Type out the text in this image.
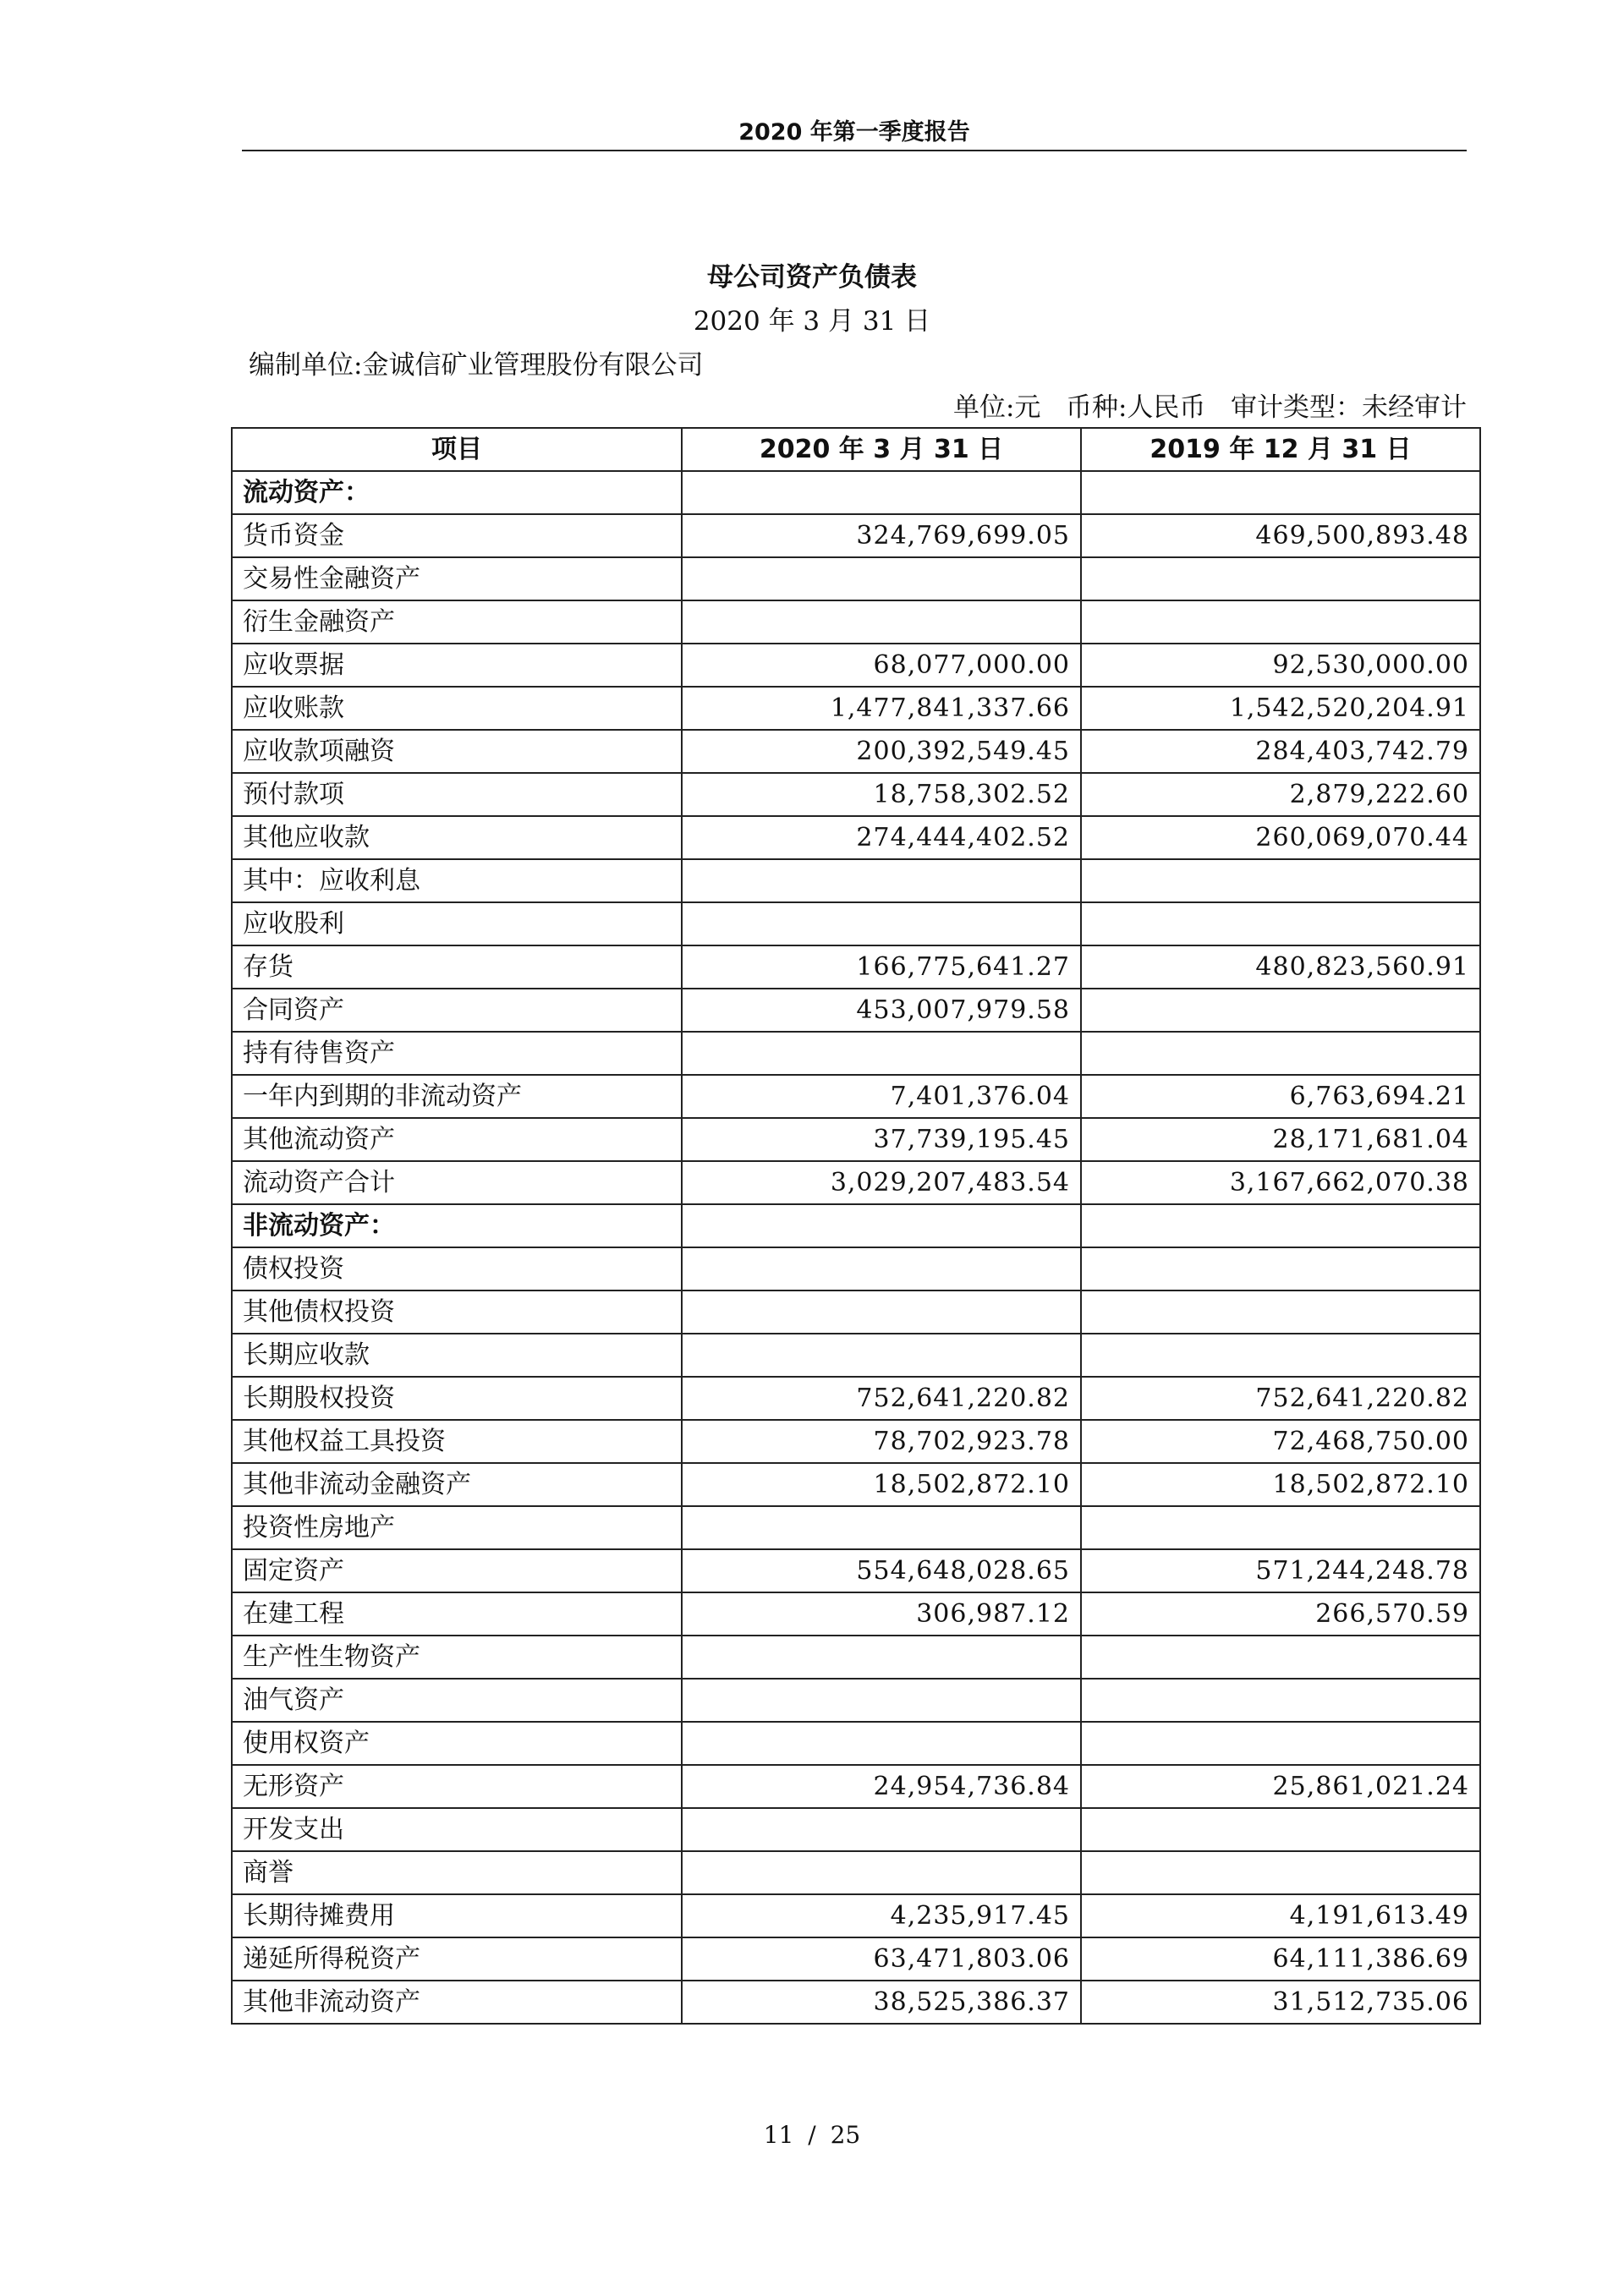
2020 年第一季度报告
母公司资产负债表
2020 年 3 月 31 日
编制单位:金诚信矿业管理股份有限公司
单位:元   币种:人民币   审计类型：未经审计
项目	2020 年 3 月 31 日	2019 年 12 月 31 日
流动资产：		
货币资金	324,769,699.05	469,500,893.48
交易性金融资产		
衍生金融资产		
应收票据	68,077,000.00	92,530,000.00
应收账款	1,477,841,337.66	1,542,520,204.91
应收款项融资	200,392,549.45	284,403,742.79
预付款项	18,758,302.52	2,879,222.60
其他应收款	274,444,402.52	260,069,070.44
其中：应收利息		
应收股利		
存货	166,775,641.27	480,823,560.91
合同资产	453,007,979.58	
持有待售资产		
一年内到期的非流动资产	7,401,376.04	6,763,694.21
其他流动资产	37,739,195.45	28,171,681.04
流动资产合计	3,029,207,483.54	3,167,662,070.38
非流动资产：		
债权投资		
其他债权投资		
长期应收款		
长期股权投资	752,641,220.82	752,641,220.82
其他权益工具投资	78,702,923.78	72,468,750.00
其他非流动金融资产	18,502,872.10	18,502,872.10
投资性房地产		
固定资产	554,648,028.65	571,244,248.78
在建工程	306,987.12	266,570.59
生产性生物资产		
油气资产		
使用权资产		
无形资产	24,954,736.84	25,861,021.24
开发支出		
商誉		
长期待摊费用	4,235,917.45	4,191,613.49
递延所得税资产	63,471,803.06	64,111,386.69
其他非流动资产	38,525,386.37	31,512,735.06
11 / 25
